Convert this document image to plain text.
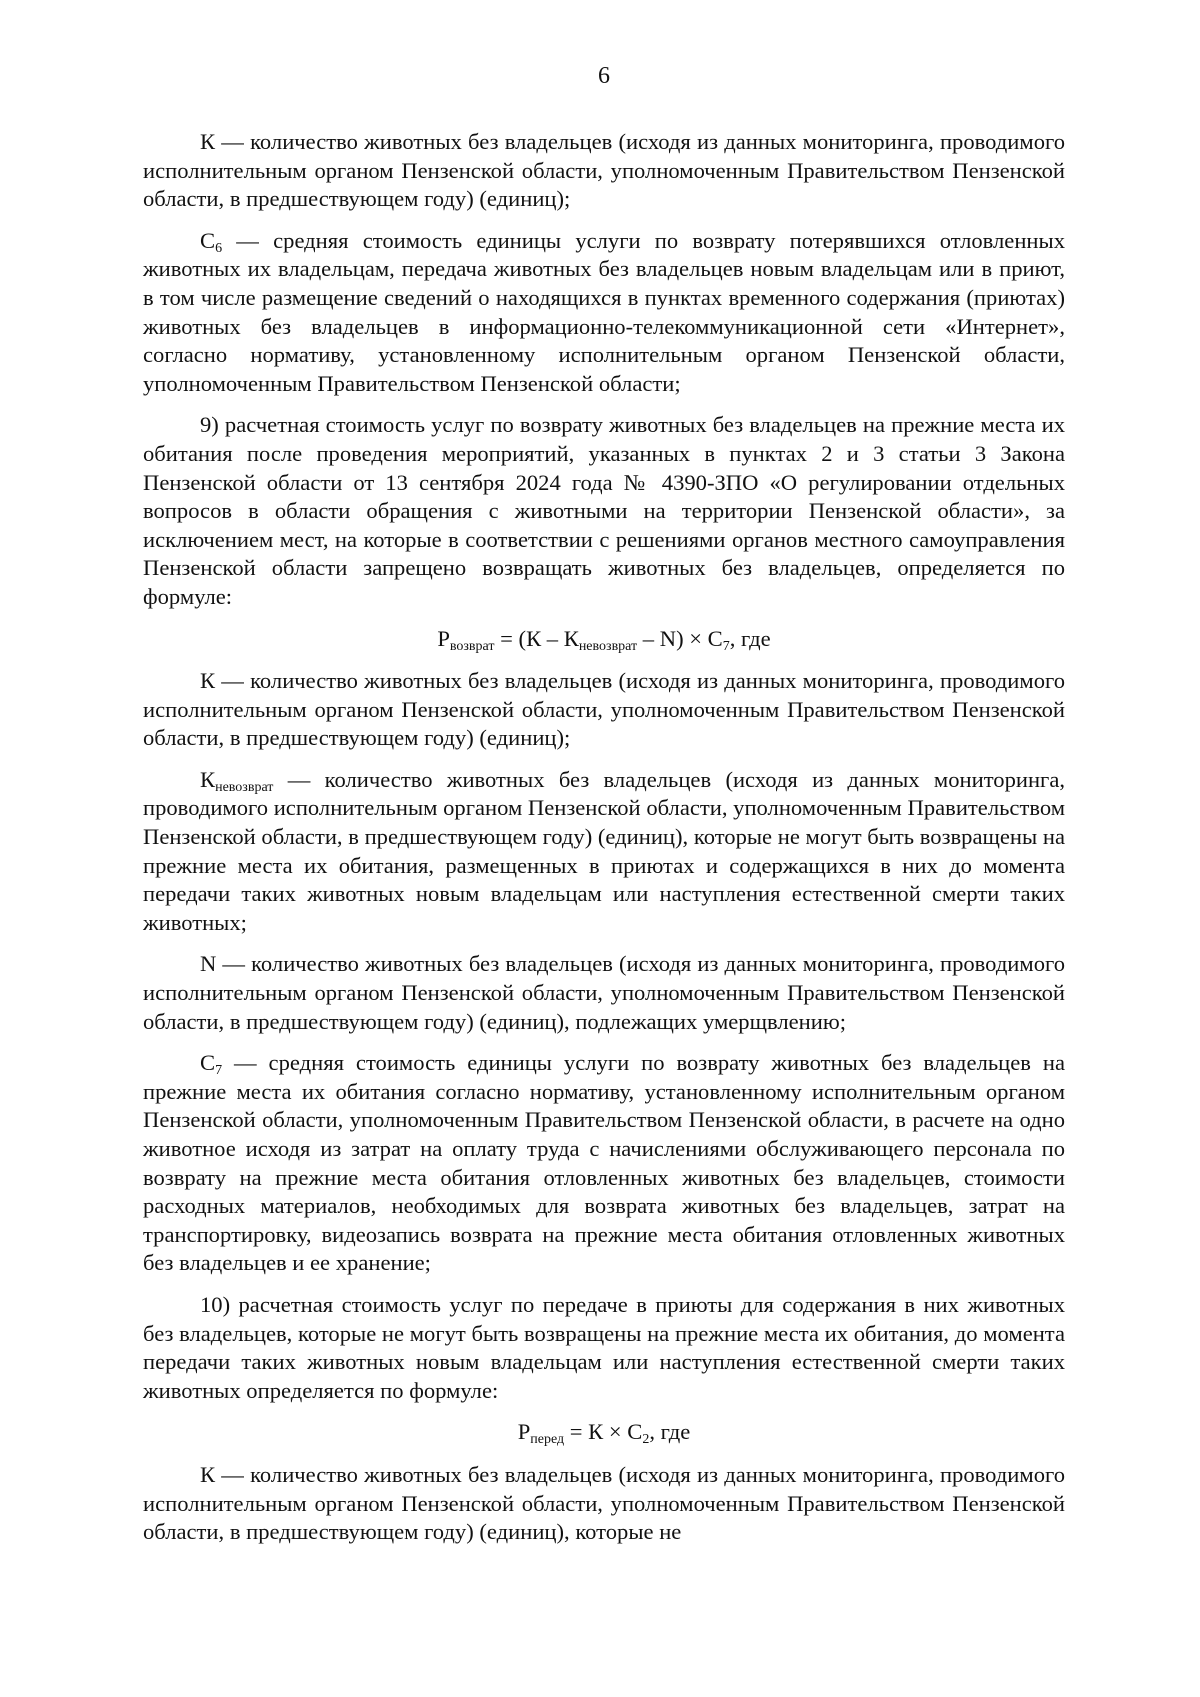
6

К — количество животных без владельцев (исходя из данных мониторинга, проводимого исполнительным органом Пензенской области, уполномоченным Правительством Пензенской области, в предшествующем году) (единиц);

$С_6$ — средняя стоимость единицы услуги по возврату потерявшихся отловленных животных их владельцам, передача животных без владельцев новым владельцам или в приют, в том числе размещение сведений о находящихся в пунктах временного содержания (приютах) животных без владельцев в информационно-телекоммуникационной сети «Интернет», согласно нормативу, установленному исполнительным органом Пензенской области, уполномоченным Правительством Пензенской области;

9) расчетная стоимость услуг по возврату животных без владельцев на прежние места их обитания после проведения мероприятий, указанных в пунктах 2 и 3 статьи 3 Закона Пензенской области от 13 сентября 2024 года № 4390-ЗПО «О регулировании отдельных вопросов в области обращения с животными на территории Пензенской области», за исключением мест, на которые в соответствии с решениями органов местного самоуправления Пензенской области запрещено возвращать животных без владельцев, определяется по формуле:

$Р_{возврат} = (К - К_{невозврат} - N) \times С_7$, где

К — количество животных без владельцев (исходя из данных мониторинга, проводимого исполнительным органом Пензенской области, уполномоченным Правительством Пензенской области, в предшествующем году) (единиц);

$К_{невозврат}$ — количество животных без владельцев (исходя из данных мониторинга, проводимого исполнительным органом Пензенской области, уполномоченным Правительством Пензенской области, в предшествующем году) (единиц), которые не могут быть возвращены на прежние места их обитания, размещенных в приютах и содержащихся в них до момента передачи таких животных новым владельцам или наступления естественной смерти таких животных;

N — количество животных без владельцев (исходя из данных мониторинга, проводимого исполнительным органом Пензенской области, уполномоченным Правительством Пензенской области, в предшествующем году) (единиц), подлежащих умерщвлению;

$С_7$ — средняя стоимость единицы услуги по возврату животных без владельцев на прежние места их обитания согласно нормативу, установленному исполнительным органом Пензенской области, уполномоченным Правительством Пензенской области, в расчете на одно животное исходя из затрат на оплату труда с начислениями обслуживающего персонала по возврату на прежние места обитания отловленных животных без владельцев, стоимости расходных материалов, необходимых для возврата животных без владельцев, затрат на транспортировку, видеозапись возврата на прежние места обитания отловленных животных без владельцев и ее хранение;

10) расчетная стоимость услуг по передаче в приюты для содержания в них животных без владельцев, которые не могут быть возвращены на прежние места их обитания, до момента передачи таких животных новым владельцам или наступления естественной смерти таких животных определяется по формуле:

$Р_{перед} = К \times С_2$, где

К — количество животных без владельцев (исходя из данных мониторинга, проводимого исполнительным органом Пензенской области, уполномоченным Правительством Пензенской области, в предшествующем году) (единиц), которые не
